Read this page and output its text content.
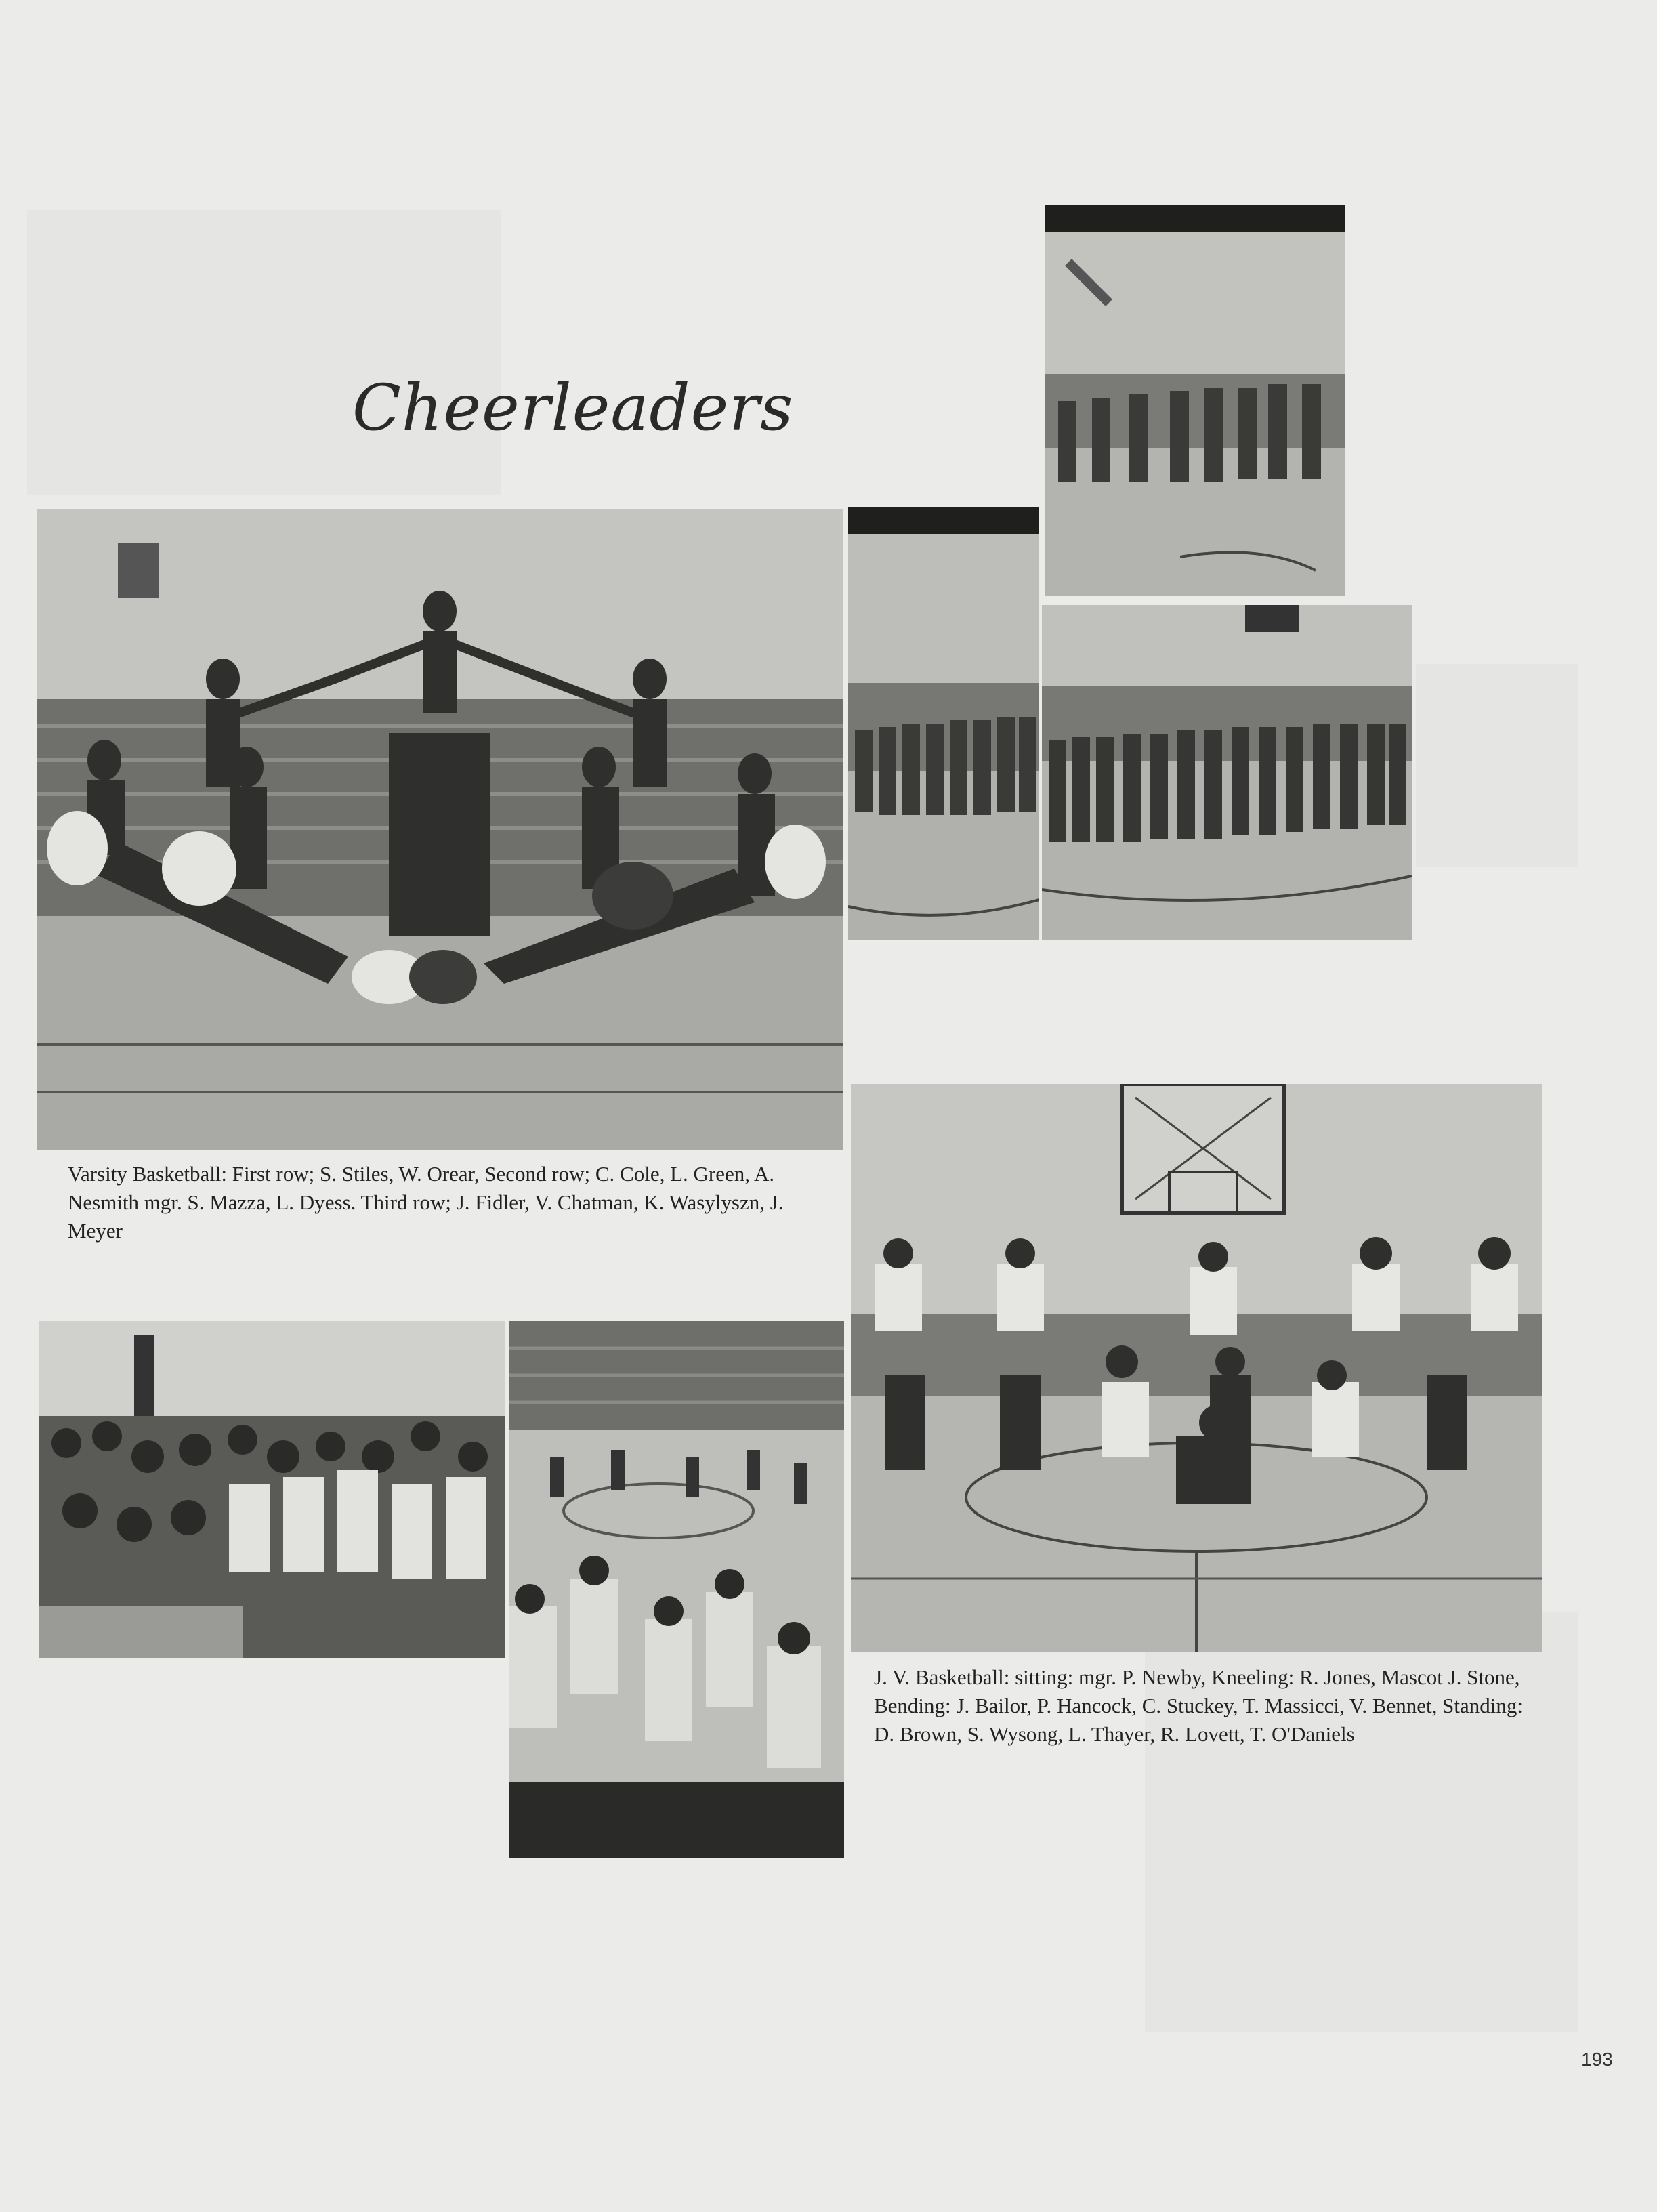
Cheerleaders
Varsity Basketball: First row; S. Stiles, W. Orear, Second row; C. Cole, L. Green, A. Nesmith mgr. S. Mazza, L. Dyess. Third row; J. Fidler, V. Chatman, K. Wasylyszn, J. Meyer
J. V. Basketball: sitting: mgr. P. Newby, Kneeling: R. Jones, Mascot J. Stone, Bending: J. Bailor, P. Hancock, C. Stuckey, T. Massicci, V. Bennet, Standing: D. Brown, S. Wysong, L. Thayer, R. Lovett, T. O'Daniels
193
